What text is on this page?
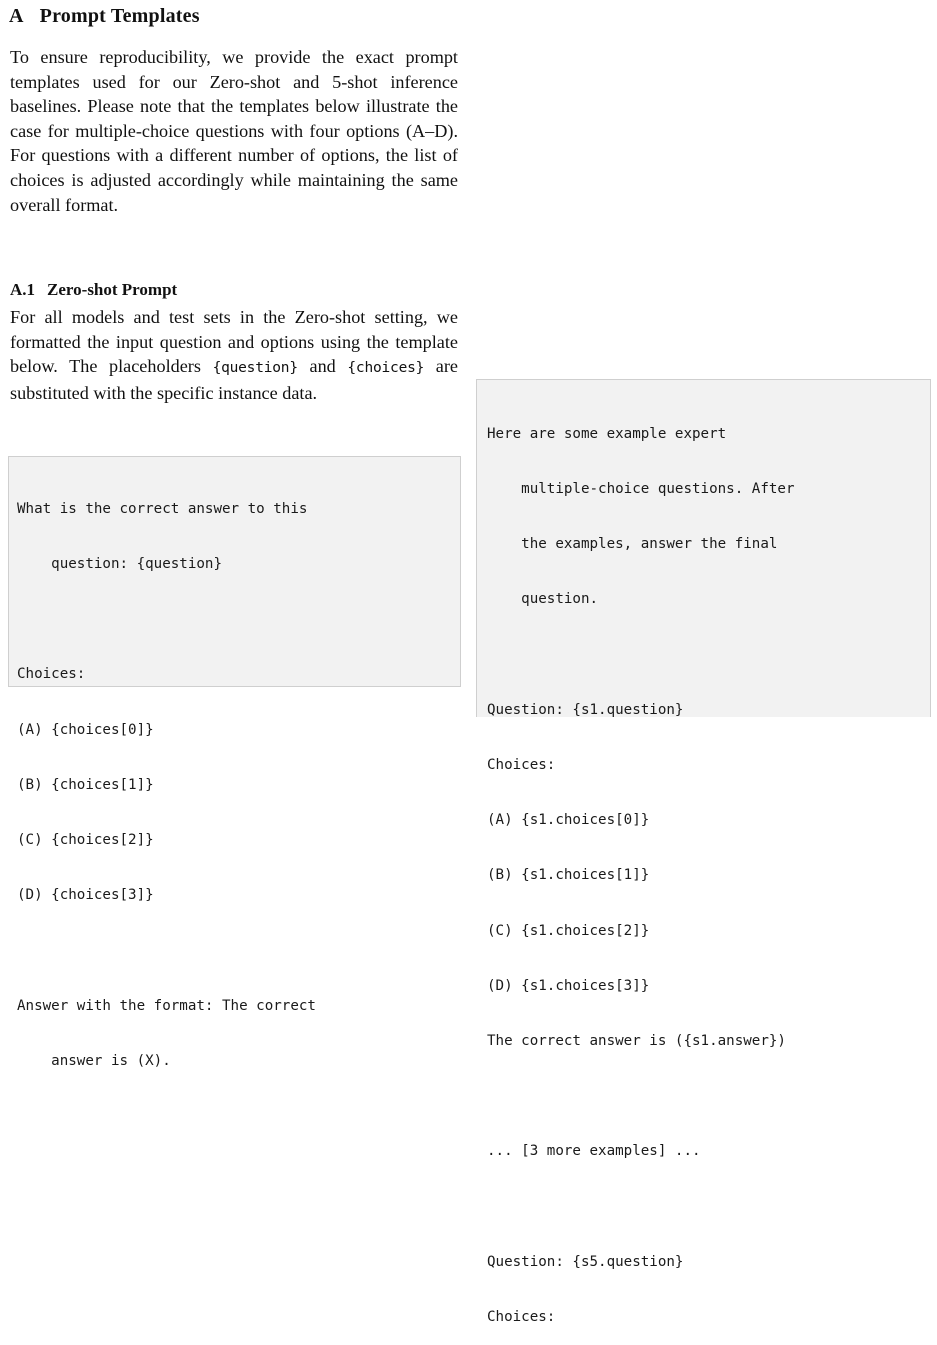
A Prompt Templates

To ensure reproducibility, we provide the exact prompt templates used for our Zero-shot and 5-shot inference baselines. Please note that the templates below illustrate the case for multiple-choice questions with four options (A–D). For questions with a different number of options, the list of choices is adjusted accordingly while maintaining the same overall format.

A.1 Zero-shot Prompt

For all models and test sets in the Zero-shot setting, we formatted the input question and options using the template below. The placeholders {question} and {choices} are substituted with the specific instance data.

What is the correct answer to this

question: {question}

Choices:

(A) {choices[0]}

(B) {choices[1]}

(C) {choices[2]}

(D) {choices[3]}

Answer with the format: The correct

answer is (X).

Here are some example expert

multiple-choice questions. After

the examples, answer the final

question.

Question: {s1.question}

Choices:

(A) {s1.choices[0]}

(B) {s1.choices[1]}

(C) {s1.choices[2]}

(D) {s1.choices[3]}

The correct answer is ({s1.answer})

... [3 more examples] ...

Question: {s5.question}

Choices:
